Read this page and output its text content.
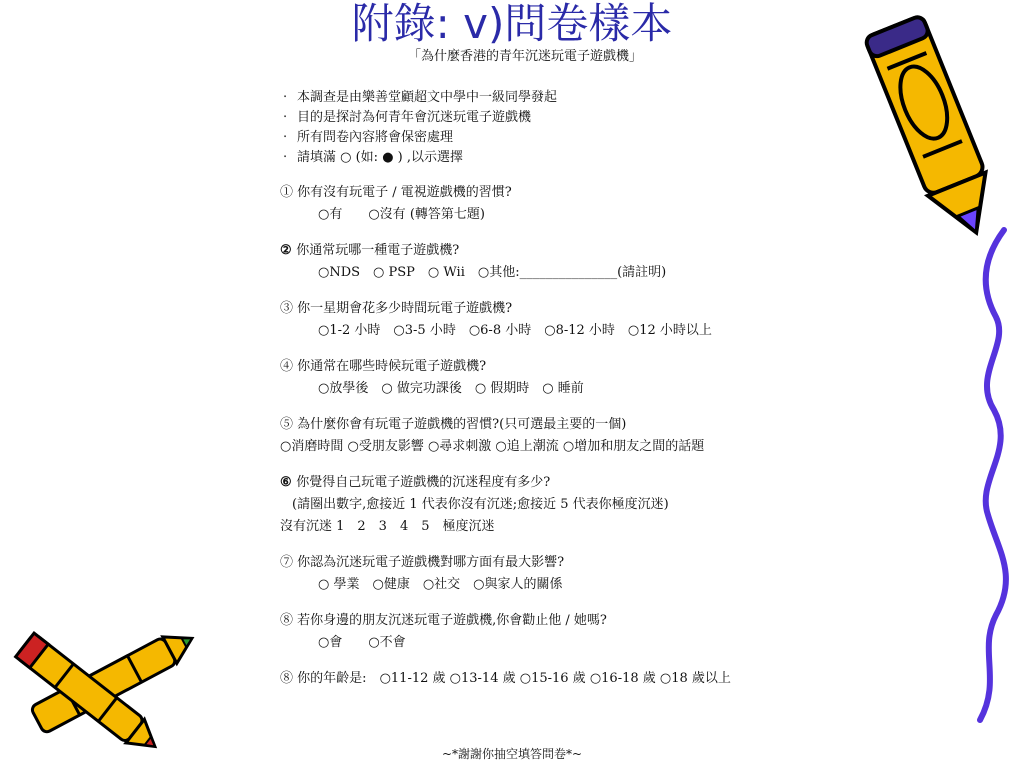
附錄: v)問卷樣本
「為什麼香港的青年沉迷玩電子遊戲機」
‧ 本調查是由樂善堂顧超文中學中一級同學發起
‧ 目的是探討為何青年會沉迷玩電子遊戲機
‧ 所有問卷內容將會保密處理
‧ 請填滿 ○ (如: ● ) ,以示選擇
① 你有沒有玩電子 / 電視遊戲機的習慣?
○有　　○沒有 (轉答第七題)
② 你通常玩哪一種電子遊戲機?
○NDS　○ PSP　○ Wii　○其他:_______________(請註明)
③ 你一星期會花多少時間玩電子遊戲機?
○1-2 小時　○3-5 小時　○6-8 小時　○8-12 小時　○12 小時以上
④ 你通常在哪些時候玩電子遊戲機?
○放學後　○ 做完功課後　○ 假期時　○ 睡前
⑤ 為什麼你會有玩電子遊戲機的習慣?(只可選最主要的一個)
○消磨時間 ○受朋友影響 ○尋求刺激 ○追上潮流 ○增加和朋友之間的話題
⑥ 你覺得自己玩電子遊戲機的沉迷程度有多少?
(請圈出數字,愈接近 1 代表你沒有沉迷;愈接近 5 代表你極度沉迷)
沒有沉迷 1　2　3　4　5　極度沉迷
⑦ 你認為沉迷玩電子遊戲機對哪方面有最大影響?
○ 學業　○健康　○社交　○與家人的關係
⑧ 若你身邊的朋友沉迷玩電子遊戲機,你會勸止他 / 她嗎?
○會　　○不會
⑧ 你的年齡是:　 ○11-12 歲 ○13-14 歲 ○15-16 歲 ○16-18 歲 ○18 歲以上
~*謝謝你抽空填答問卷*~
